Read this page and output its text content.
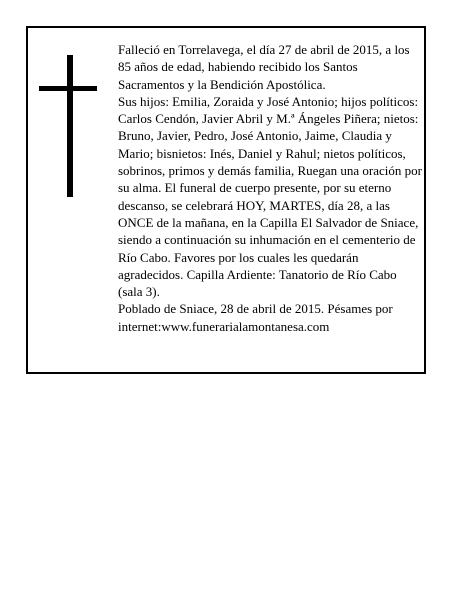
Falleció en Torrelavega, el día 27 de abril de 2015, a los 85 años de edad, habiendo recibido los Santos Sacramentos y la Bendición Apostólica.

Sus hijos: Emilia, Zoraida y José Antonio; hijos políticos: Carlos Cendón, Javier Abril y M.ª Ángeles Piñera; nietos: Bruno, Javier, Pedro, José Antonio, Jaime, Claudia y Mario; bisnietos: Inés, Daniel y Rahul; nietos políticos, sobrinos, primos y demás familia, Ruegan una oración por su alma. El funeral de cuerpo presente, por su eterno descanso, se celebrará HOY, MARTES, día 28, a las ONCE de la mañana, en la Capilla El Salvador de Sniace, siendo a continuación su inhumación en el cementerio de Río Cabo. Favores por los cuales les quedarán agradecidos. Capilla Ardiente: Tanatorio de Río Cabo (sala 3).

Poblado de Sniace, 28 de abril de 2015. Pésames por internet:www.funerarialamontanesa.com
